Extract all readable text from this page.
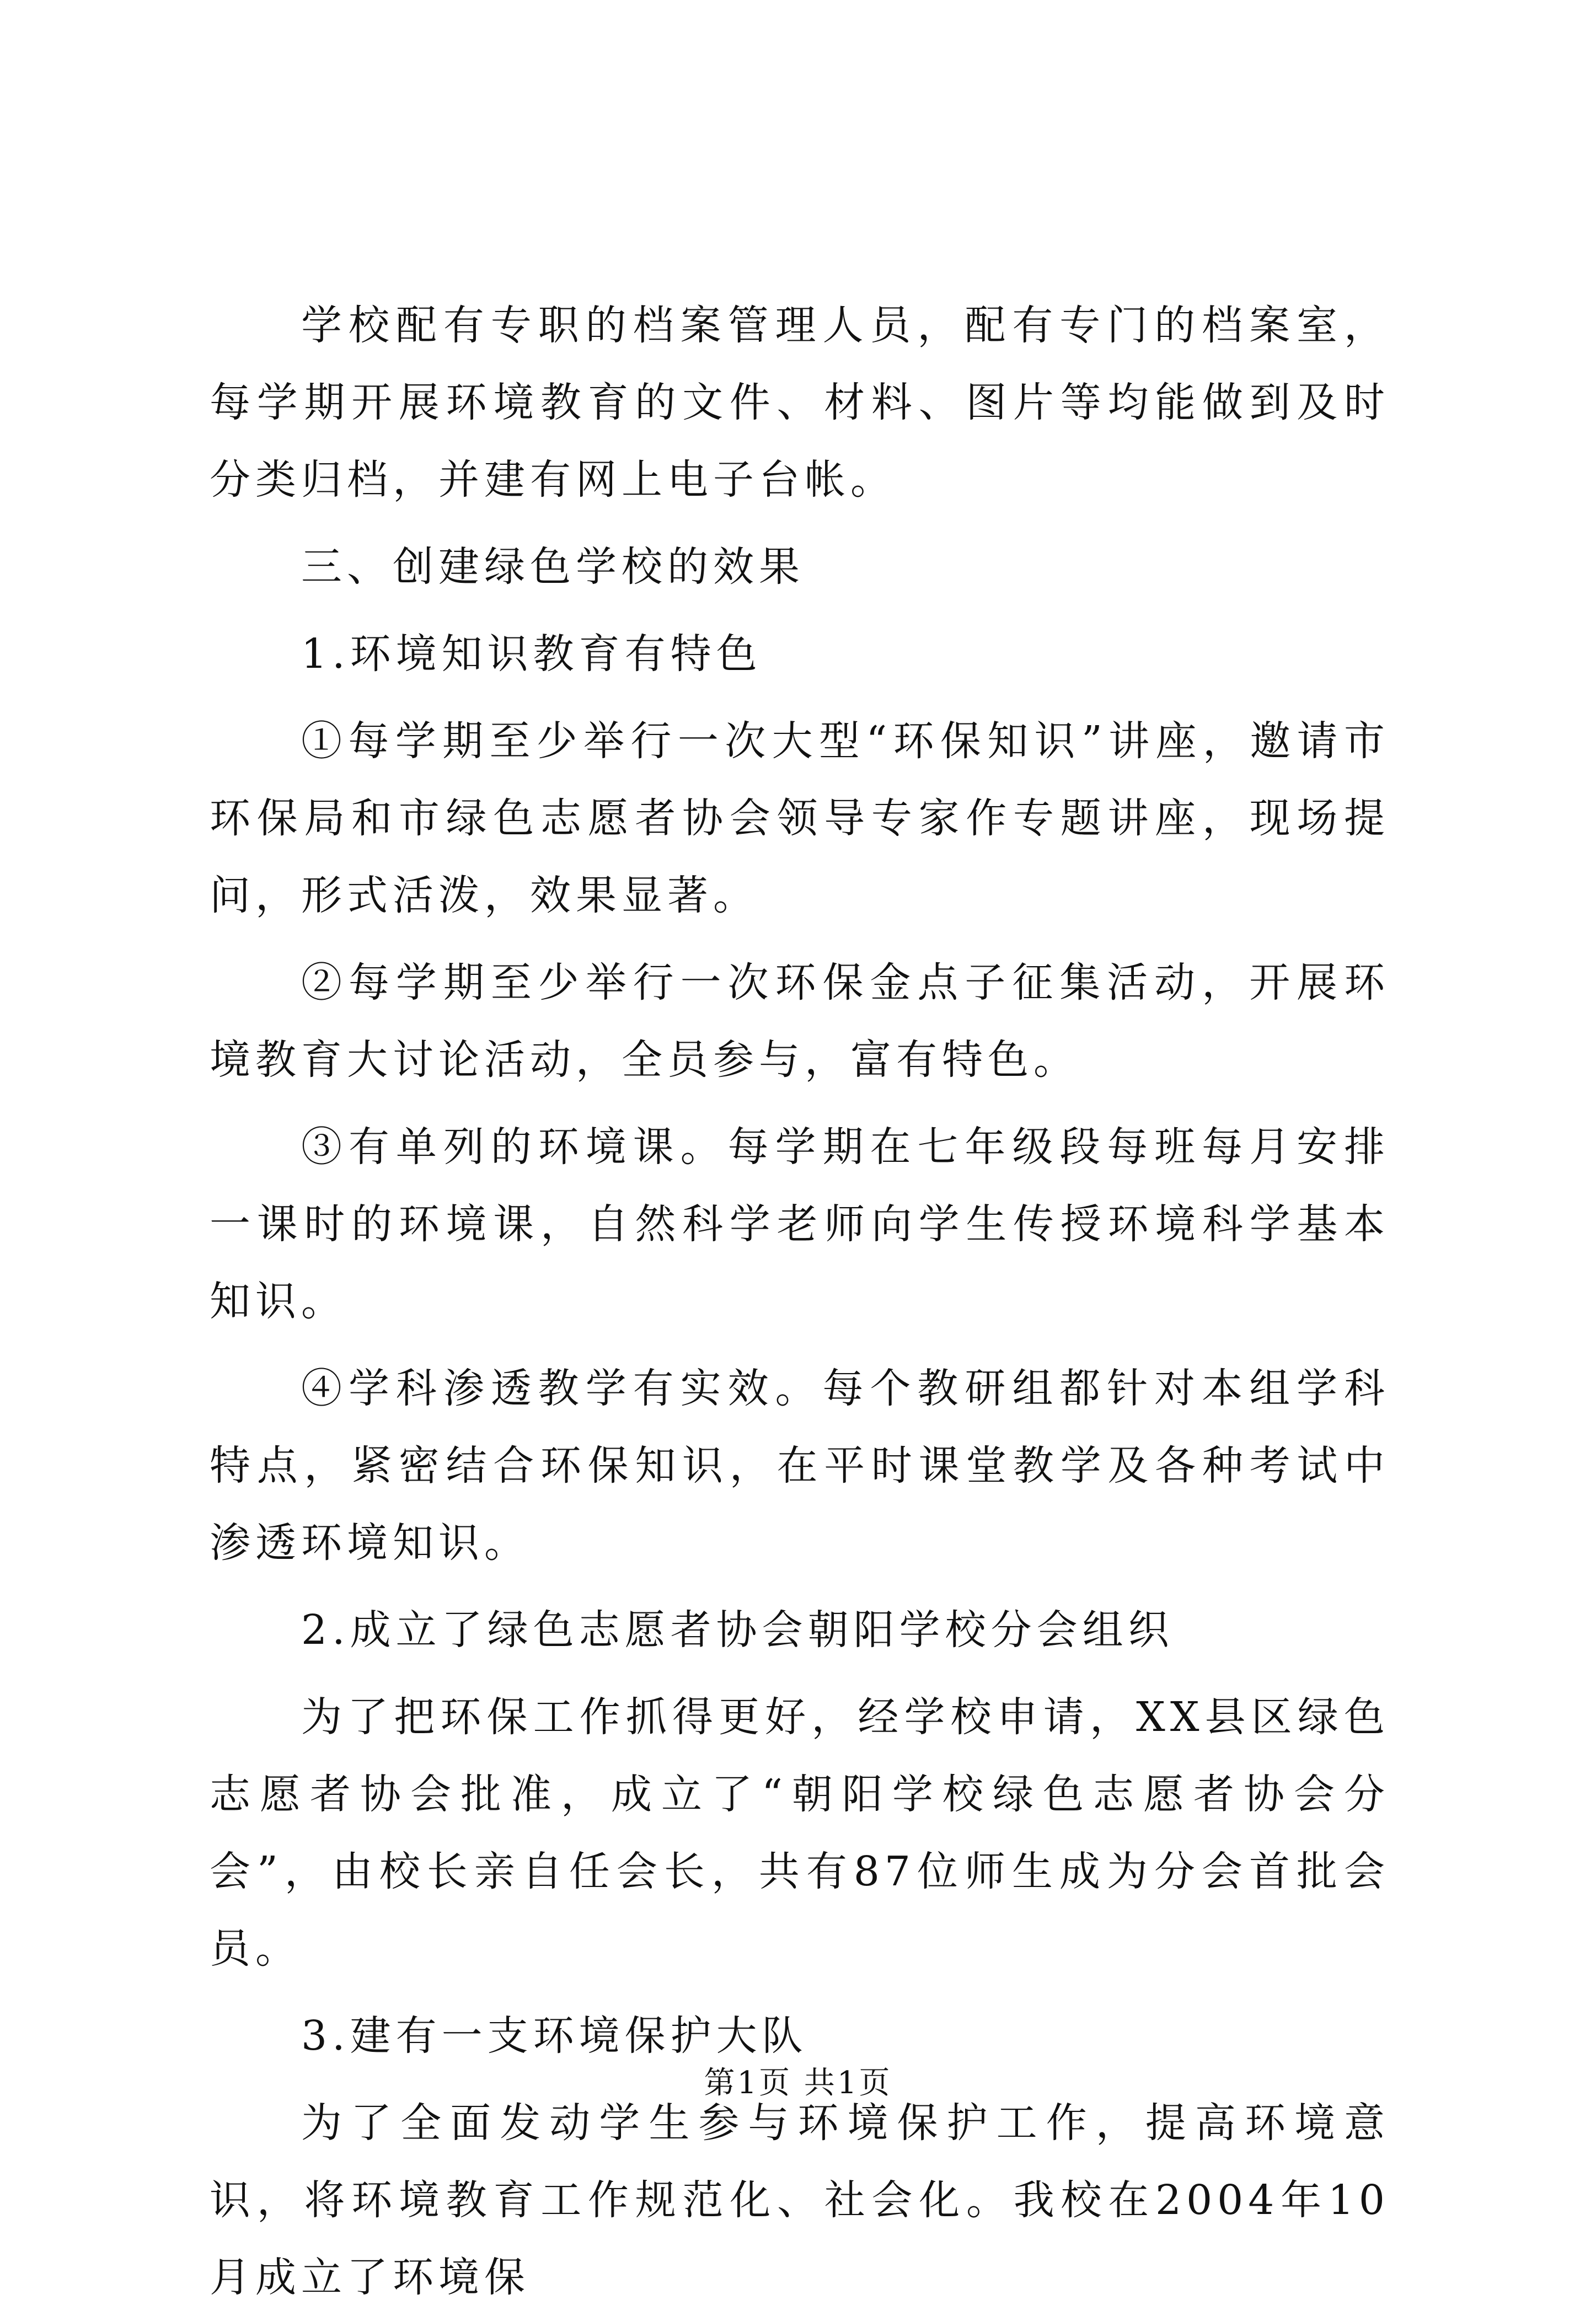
学校配有专职的档案管理人员，配有专门的档案室，每学期开展环境教育的文件、材料、图片等均能做到及时分类归档，并建有网上电子台帐。

三、创建绿色学校的效果

1.环境知识教育有特色

①每学期至少举行一次大型“环保知识”讲座，邀请市环保局和市绿色志愿者协会领导专家作专题讲座，现场提问，形式活泼，效果显著。

②每学期至少举行一次环保金点子征集活动，开展环境教育大讨论活动，全员参与，富有特色。

③有单列的环境课。每学期在七年级段每班每月安排一课时的环境课，自然科学老师向学生传授环境科学基本知识。

④学科渗透教学有实效。每个教研组都针对本组学科特点，紧密结合环保知识，在平时课堂教学及各种考试中渗透环境知识。

2.成立了绿色志愿者协会朝阳学校分会组织

为了把环保工作抓得更好，经学校申请，XX县区绿色志愿者协会批准，成立了“朝阳学校绿色志愿者协会分会”，由校长亲自任会长，共有87位师生成为分会首批会员。

3.建有一支环境保护大队

为了全面发动学生参与环境保护工作，提高环境意识，将环境教育工作规范化、社会化。我校在2004年10月成立了环境保

第1页 共1页
